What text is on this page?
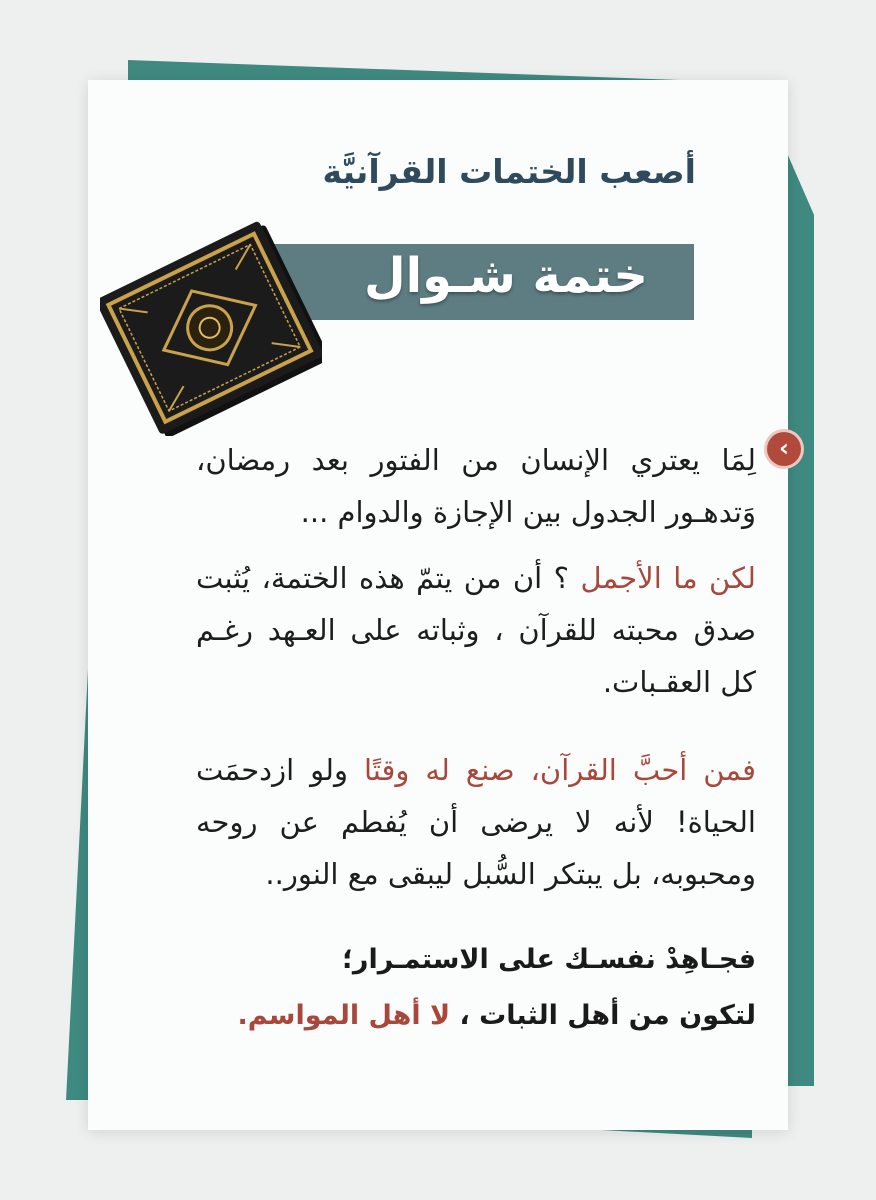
أصعب الختمات القرآنيَّة
ختمة شـوال
‹

لِمَا يعتري الإنسان من الفتور بعد رمضان، وَتدهـور الجدول بين الإجازة والدوام ...

لكن ما الأجمل ؟ أن من يتمّ هذه الختمة، يُثبت صدق محبته للقرآن ، وثباته على العـهد رغـم كل العقـبات.

فمن أحبَّ القرآن، صنع له وقتًا ولو ازدحمَت الحياة! لأنه لا يرضى أن يُفطم عن روحه ومحبوبه، بل يبتكر السُّبل ليبقى مع النور..

فجـاهِدْ نفسـك على الاستمـرار؛
لتكون من أهل الثبات ، لا أهل المواسم.
